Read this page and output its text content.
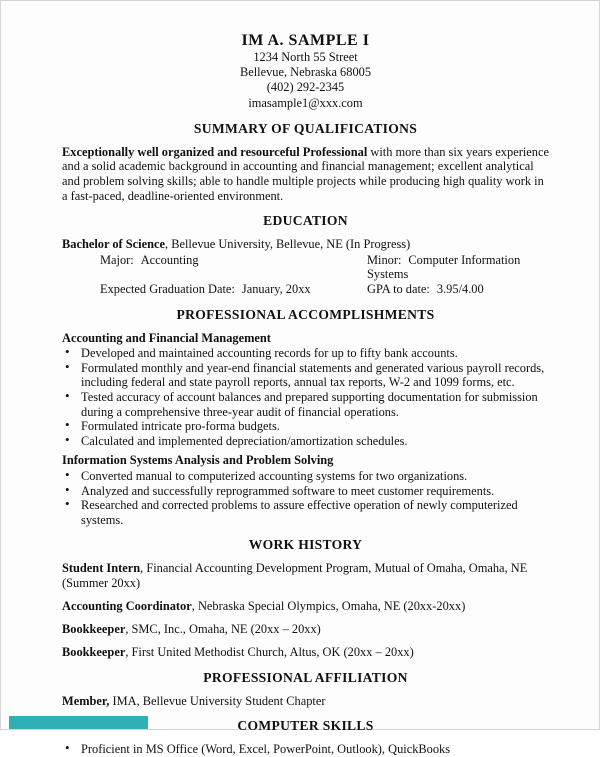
IM A. SAMPLE I
1234 North 55 Street
Bellevue, Nebraska 68005
(402) 292-2345
imasample1@xxx.com
SUMMARY OF QUALIFICATIONS

Exceptionally well organized and resourceful Professional with more than six years experience and a solid academic background in accounting and financial management; excellent analytical and problem solving skills; able to handle multiple projects while producing high quality work in a fast-paced, deadline-oriented environment.

EDUCATION

Bachelor of Science, Bellevue University, Bellevue, NE (In Progress)

Major: Accounting	Minor: Computer Information Systems
Expected Graduation Date: January, 20xx	GPA to date: 3.95/4.00
PROFESSIONAL ACCOMPLISHMENTS
Accounting and Financial Management
• Developed and maintained accounting records for up to fifty bank accounts.
• Formulated monthly and year-end financial statements and generated various payroll records, including federal and state payroll reports, annual tax reports, W-2 and 1099 forms, etc.
• Tested accuracy of account balances and prepared supporting documentation for submission during a comprehensive three-year audit of financial operations.
• Formulated intricate pro-forma budgets.
• Calculated and implemented depreciation/amortization schedules.
Information Systems Analysis and Problem Solving
• Converted manual to computerized accounting systems for two organizations.
• Analyzed and successfully reprogrammed software to meet customer requirements.
• Researched and corrected problems to assure effective operation of newly computerized systems.
WORK HISTORY

Student Intern, Financial Accounting Development Program, Mutual of Omaha, Omaha, NE (Summer 20xx)

Accounting Coordinator, Nebraska Special Olympics, Omaha, NE (20xx-20xx)

Bookkeeper, SMC, Inc., Omaha, NE (20xx – 20xx)

Bookkeeper, First United Methodist Church, Altus, OK (20xx – 20xx)

PROFESSIONAL AFFILIATION

Member, IMA, Bellevue University Student Chapter

COMPUTER SKILLS
• Proficient in MS Office (Word, Excel, PowerPoint, Outlook), QuickBooks
